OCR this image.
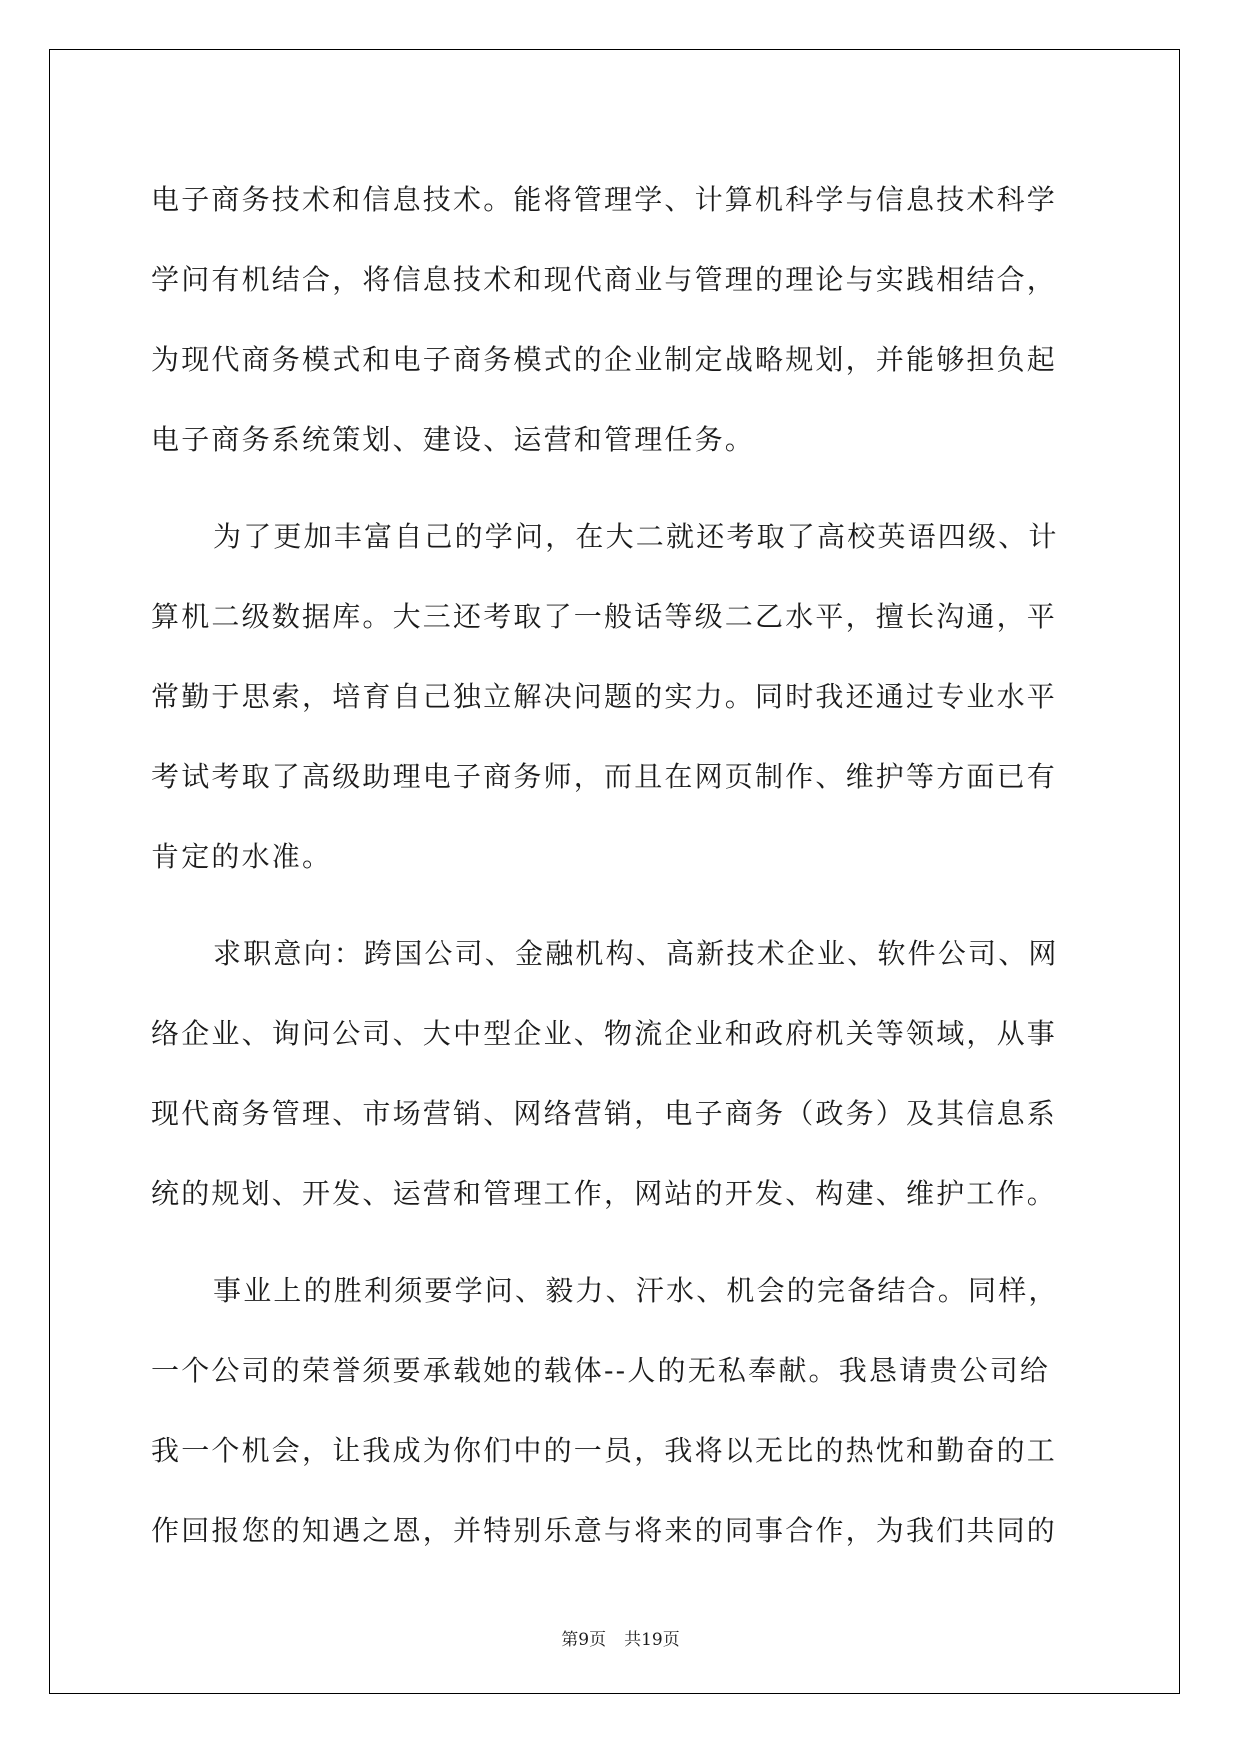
电子商务技术和信息技术。能将管理学、计算机科学与信息技术科学
学问有机结合，将信息技术和现代商业与管理的理论与实践相结合，
为现代商务模式和电子商务模式的企业制定战略规划，并能够担负起
电子商务系统策划、建设、运营和管理任务。
为了更加丰富自己的学问，在大二就还考取了高校英语四级、计
算机二级数据库。大三还考取了一般话等级二乙水平，擅长沟通，平
常勤于思索，培育自己独立解决问题的实力。同时我还通过专业水平
考试考取了高级助理电子商务师，而且在网页制作、维护等方面已有
肯定的水准。
求职意向：跨国公司、金融机构、高新技术企业、软件公司、网
络企业、询问公司、大中型企业、物流企业和政府机关等领域，从事
现代商务管理、市场营销、网络营销，电子商务（政务）及其信息系
统的规划、开发、运营和管理工作，网站的开发、构建、维护工作。
事业上的胜利须要学问、毅力、汗水、机会的完备结合。同样，
一个公司的荣誉须要承载她的载体--人的无私奉献。我恳请贵公司给
我一个机会，让我成为你们中的一员，我将以无比的热忱和勤奋的工
作回报您的知遇之恩，并特别乐意与将来的同事合作，为我们共同的
第9页 共19页
